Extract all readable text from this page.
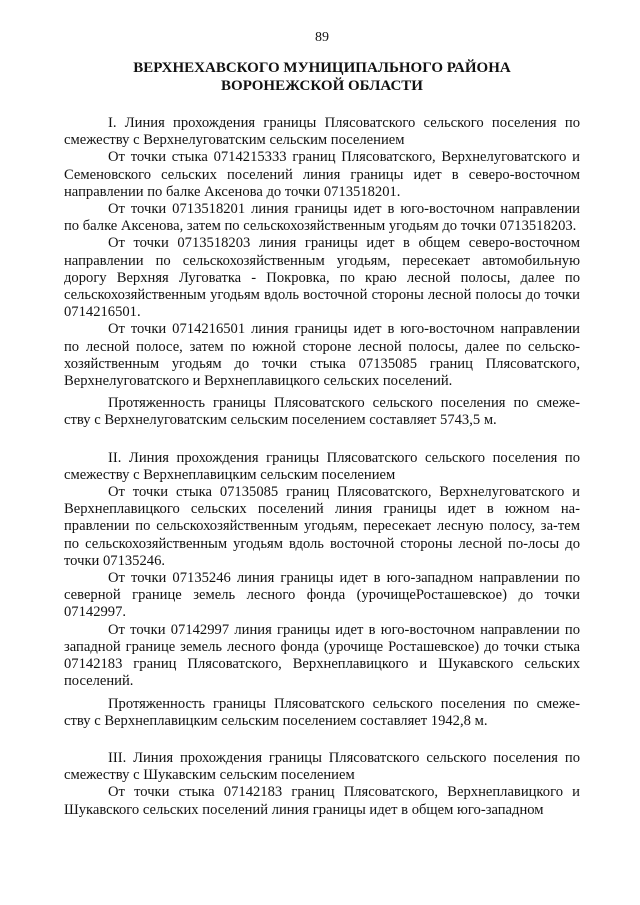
89
ВЕРХНЕХАВСКОГО МУНИЦИПАЛЬНОГО РАЙОНА
ВОРОНЕЖСКОЙ ОБЛАСТИ

I. Линия прохождения границы Плясоватского сельского поселения по смежеству с Верхнелуговатским сельским поселением

От точки стыка 0714215333 границ Плясоватского, Верхнелуговатского и Семеновского сельских поселений линия границы идет в северо-восточном направлении по балке Аксенова до точки 0713518201.

От точки 0713518201 линия границы идет в юго-восточном направлении по балке Аксенова, затем по сельскохозяйственным угодьям до точки 0713518203.

От точки 0713518203 линия границы идет в общем северо-восточном направлении по сельскохозяйственным угодьям, пересекает автомобильную дорогу Верхняя Луговатка - Покровка, по краю лесной полосы, далее по сельскохозяйственным угодьям вдоль восточной стороны лесной полосы до точки 0714216501.

От точки 0714216501 линия границы идет в юго-восточном направлении по лесной полосе, затем по южной стороне лесной полосы, далее по сельско-хозяйственным угодьям до точки стыка 07135085 границ Плясоватского, Верхнелуговатского и Верхнеплавицкого сельских поселений.

Протяженность границы Плясоватского сельского поселения по смеже-ству с Верхнелуговатским сельским поселением составляет 5743,5 м.

II. Линия прохождения границы Плясоватского сельского поселения по смежеству с Верхнеплавицким сельским поселением

От точки стыка 07135085 границ Плясоватского, Верхнелуговатского и Верхнеплавицкого сельских поселений линия границы идет в южном на-правлении по сельскохозяйственным угодьям, пересекает лесную полосу, за-тем по сельскохозяйственным угодьям вдоль восточной стороны лесной по-лосы до точки 07135246.

От точки 07135246 линия границы идет в юго-западном направлении по северной границе земель лесного фонда (урочищеРосташевское) до точки 07142997.

От точки 07142997 линия границы идет в юго-восточном направлении по западной границе земель лесного фонда (урочище Росташевское) до точки стыка 07142183 границ Плясоватского, Верхнеплавицкого и Шукавского сельских поселений.

Протяженность границы Плясоватского сельского поселения по смеже-ству с Верхнеплавицким сельским поселением составляет 1942,8 м.

III. Линия прохождения границы Плясоватского сельского поселения по смежеству с Шукавским сельским поселением

От точки стыка 07142183 границ Плясоватского, Верхнеплавицкого и Шукавского сельских поселений линия границы идет в общем юго-западном
